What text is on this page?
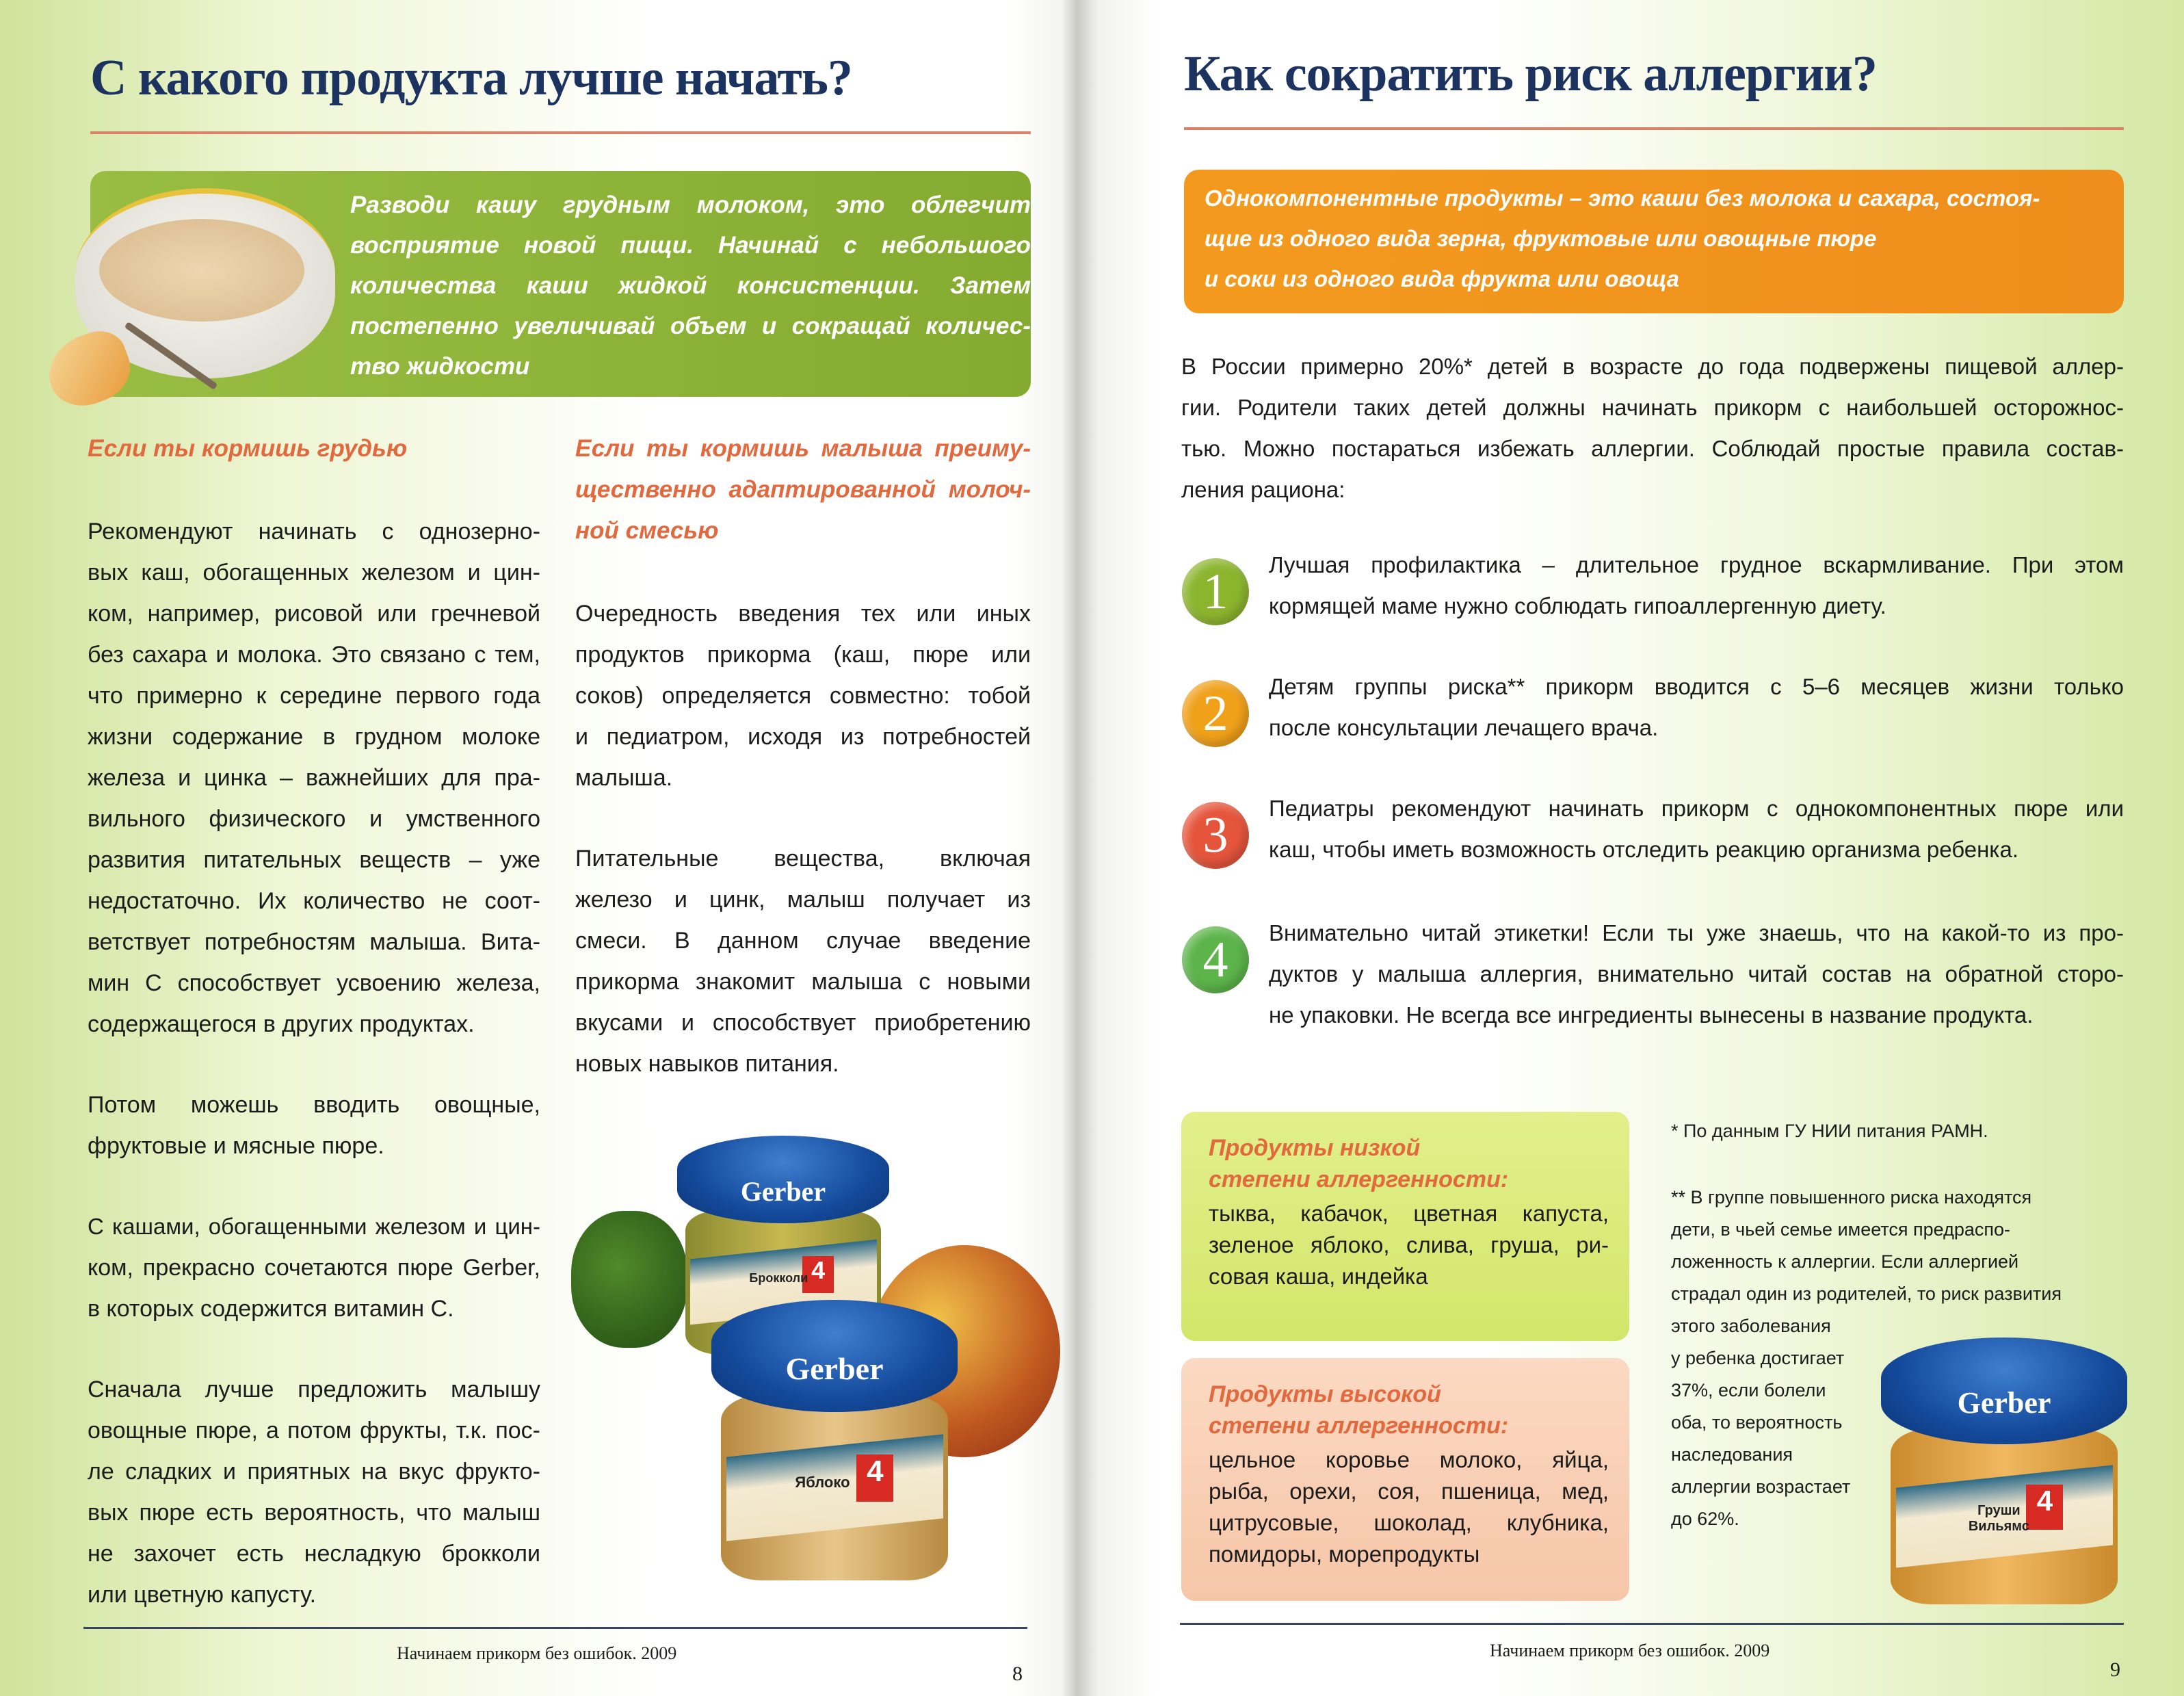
С какого продукта лучше начать?
Разводи кашу грудным молоком, это облегчит
восприятие новой пищи. Начинай с небольшого
количества каши жидкой консистенции. Затем
постепенно увеличивай объем и сокращай количес-
тво жидкости
Если ты кормишь грудью
Рекомендуют начинать с однозерно-
вых каш, обогащенных железом и цин-
ком, например, рисовой или гречневой
без сахара и молока. Это связано с тем,
что примерно к середине первого года
жизни содержание в грудном молоке
железа и цинка – важнейших для пра-
вильного физического и умственного
развития питательных веществ – уже
недостаточно. Их количество не соот-
ветствует потребностям малыша. Вита-
мин С способствует усвоению железа,
содержащегося в других продуктах.
Потом можешь вводить овощные,
фруктовые и мясные пюре.
С кашами, обогащенными железом и цин-
ком, прекрасно сочетаются пюре Gerber,
в которых содержится витамин С.
Сначала лучше предложить малышу
овощные пюре, а потом фрукты, т.к. пос-
ле сладких и приятных на вкус фрукто-
вых пюре есть вероятность, что малыш
не захочет есть несладкую брокколи
или цветную капусту.
Если ты кормишь малыша преиму-
щественно адаптированной молоч-
ной смесью
Очередность введения тех или иных
продуктов прикорма (каш, пюре или
соков) определяется совместно: тобой
и педиатром, исходя из потребностей
малыша.
Питательные вещества, включая
железо и цинк, малыш получает из
смеси. В данном случае введение
прикорма знакомит малыша с новыми
вкусами и способствует приобретению
новых навыков питания.
Gerber
4
Брокколи
Gerber
4
Яблоко
Начинаем прикорм без ошибок. 2009
8
Как сократить риск аллергии?
Однокомпонентные продукты – это каши без молока и сахара, состоя-
щие из одного вида зерна, фруктовые или овощные пюре
и соки из одного вида фрукта или овоща
В России примерно 20%* детей в возрасте до года подвержены пищевой аллер-
гии. Родители таких детей должны начинать прикорм с наибольшей осторожнос-
тью. Можно постараться избежать аллергии. Соблюдай простые правила состав-
ления рациона:
1	Лучшая профилактика – длительное грудное вскармливание. При этом
кормящей маме нужно соблюдать гипоаллергенную диету.
2	Детям группы риска** прикорм вводится с 5–6 месяцев жизни только
после консультации лечащего врача.
3	Педиатры рекомендуют начинать прикорм с однокомпонентных пюре или
каш, чтобы иметь возможность отследить реакцию организма ребенка.
4	Внимательно читай этикетки! Если ты уже знаешь, что на какой-то из про-
дуктов у малыша аллергия, внимательно читай состав на обратной сторо-
не упаковки. Не всегда все ингредиенты вынесены в название продукта.
Продукты низкой
степени аллергенности:
тыква, кабачок, цветная капуста,
зеленое яблоко, слива, груша, ри-
совая каша, индейка
Продукты высокой
степени аллергенности:
цельное коровье молоко, яйца,
рыба, орехи, соя, пшеница, мед,
цитрусовые, шоколад, клубника,
помидоры, морепродукты
* По данным ГУ НИИ питания РАМН.
** В группе повышенного риска находятся
дети, в чьей семье имеется предраспо-
ложенность к аллергии. Если аллергией
страдал один из родителей, то риск развития
этого заболевания
у ребенка достигает
37%, если болели
оба, то вероятность
наследования
аллергии возрастает
до 62%.
Gerber
4
Груши Вильямс
Начинаем прикорм без ошибок. 2009
9
